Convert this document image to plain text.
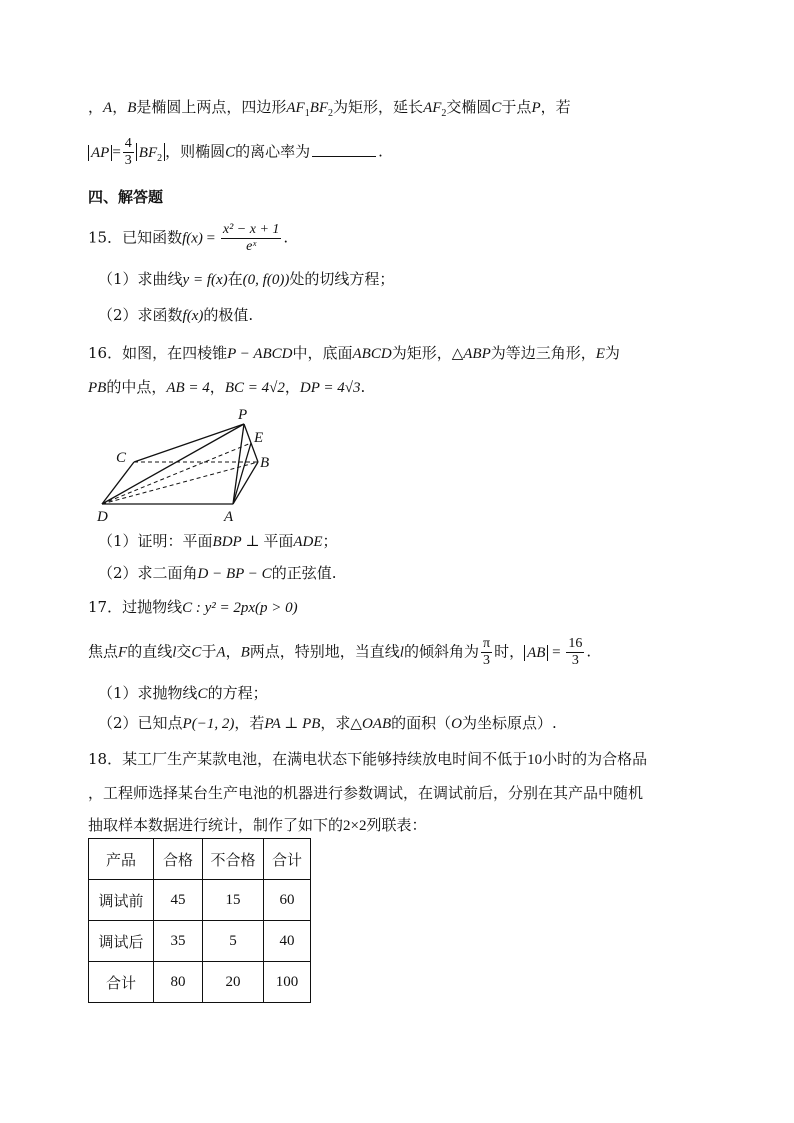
，A，B是椭圆上两点，四边形$AF_1BF_2$为矩形，延长$AF_2$交椭圆C于点P，若
AP = $\frac{4}{3} BF_2$ ，则椭圆C的离心率为	.
四、解答题
15．已知函数$f(x) = \frac{\text{x² − x + 1}}{\text{eˣ}}$ .
（1）求曲线y = f(x)在(0, f(0))处的切线方程；
（2）求函数f(x)的极值.
16．如图，在四棱锥P − ABCD中，底面ABCD为矩形，△ABP为等边三角形，E为
PB的中点，AB = 4，BC = 4√2，DP = 4√3.
P
E
B
C
D	A
（1）证明：平面BDP ⊥ 平面ADE；
（2）求二面角D − BP − C的正弦值.
17．过抛物线C : y² = 2px(p > 0)
焦点F的直线l交C于A，B两点，特别地，当直线l的倾斜角为 $\frac{\pi}{3}$ 时， AB = $\frac{16}{3}$ .
（1）求抛物线C的方程；
（2）已知点P(−1, 2)，若PA ⊥ PB，求△OAB的面积（O为坐标原点）.
18．某工厂生产某款电池，在满电状态下能够持续放电时间不低于10小时的为合格品
，工程师选择某台生产电池的机器进行参数调试，在调试前后，分别在其产品中随机
抽取样本数据进行统计，制作了如下的2×2列联表：
产品	合格	不合格	合计
调试前	45	15	60
调试后	35	5	40
合计	80	20	100
